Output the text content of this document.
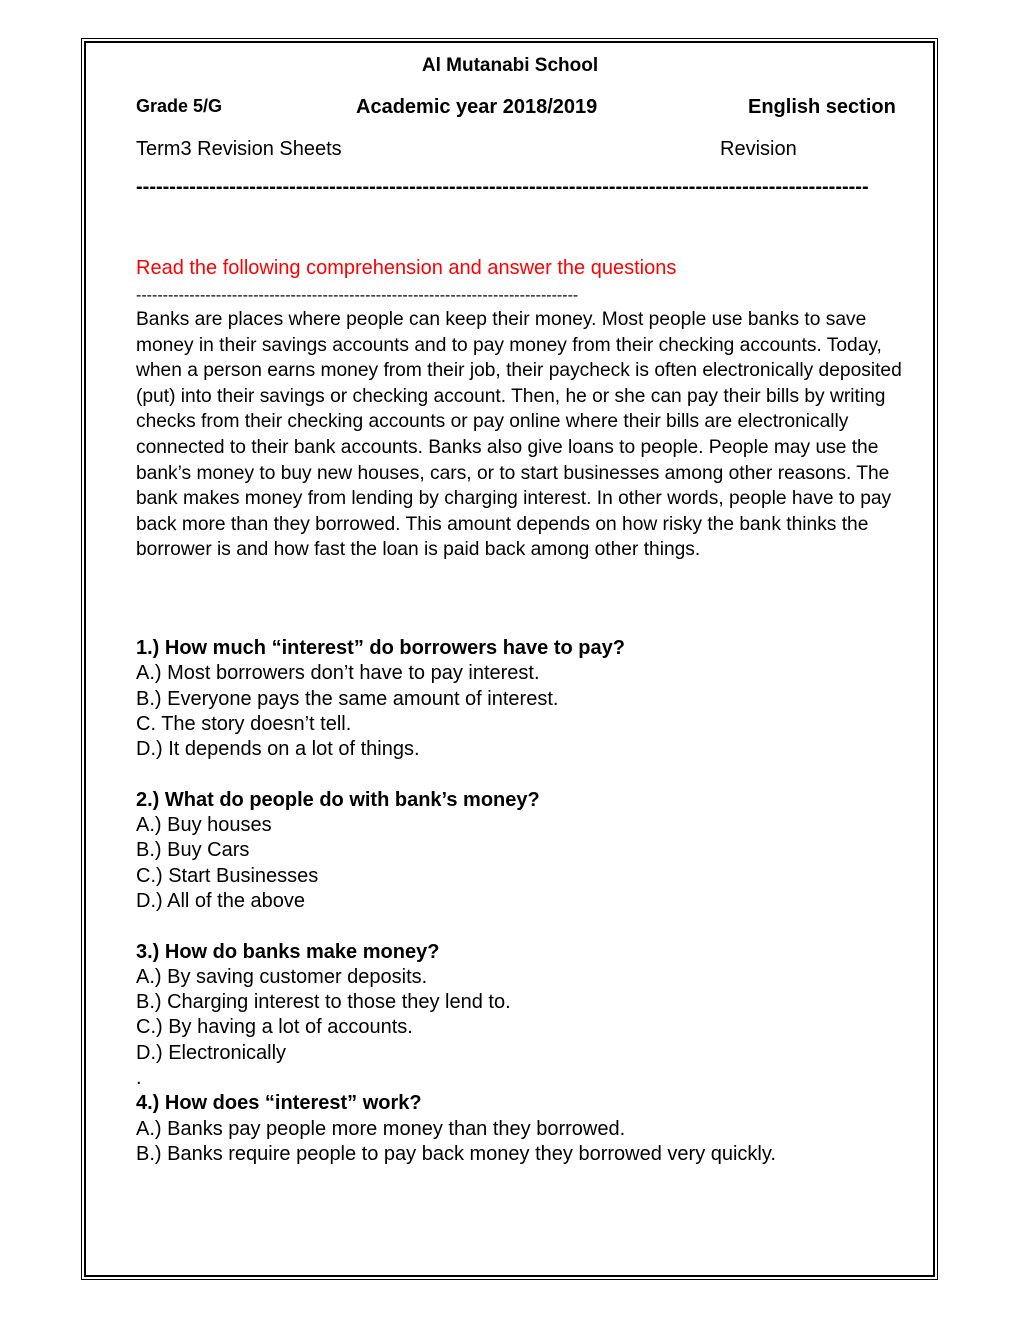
Al Mutanabi School
Grade 5/G	Academic year 2018/2019	English section
Term3 Revision Sheets	Revision
--------------------------------------------------------------------------------------------------------------
Read the following comprehension and answer the questions
-----------------------------------------------------------------------------------
Banks are places where people can keep their money. Most people use banks to save money in their savings accounts and to pay money from their checking accounts. Today, when a person earns money from their job, their paycheck is often electronically deposited (put) into their savings or checking account. Then, he or she can pay their bills by writing checks from their checking accounts or pay online where their bills are electronically connected to their bank accounts. Banks also give loans to people. People may use the bank’s money to buy new houses, cars, or to start businesses among other reasons. The bank makes money from lending by charging interest. In other words, people have to pay back more than they borrowed. This amount depends on how risky the bank thinks the borrower is and how fast the loan is paid back among other things.
1.) How much “interest” do borrowers have to pay?
A.) Most borrowers don’t have to pay interest.
B.) Everyone pays the same amount of interest.
C. The story doesn’t tell.
D.) It depends on a lot of things.
2.) What do people do with bank’s money?
A.) Buy houses
B.) Buy Cars
C.) Start Businesses
D.) All of the above
3.) How do banks make money?
A.) By saving customer deposits.
B.) Charging interest to those they lend to.
C.) By having a lot of accounts.
D.) Electronically
.
4.) How does “interest” work?
A.) Banks pay people more money than they borrowed.
B.) Banks require people to pay back money they borrowed very quickly.
